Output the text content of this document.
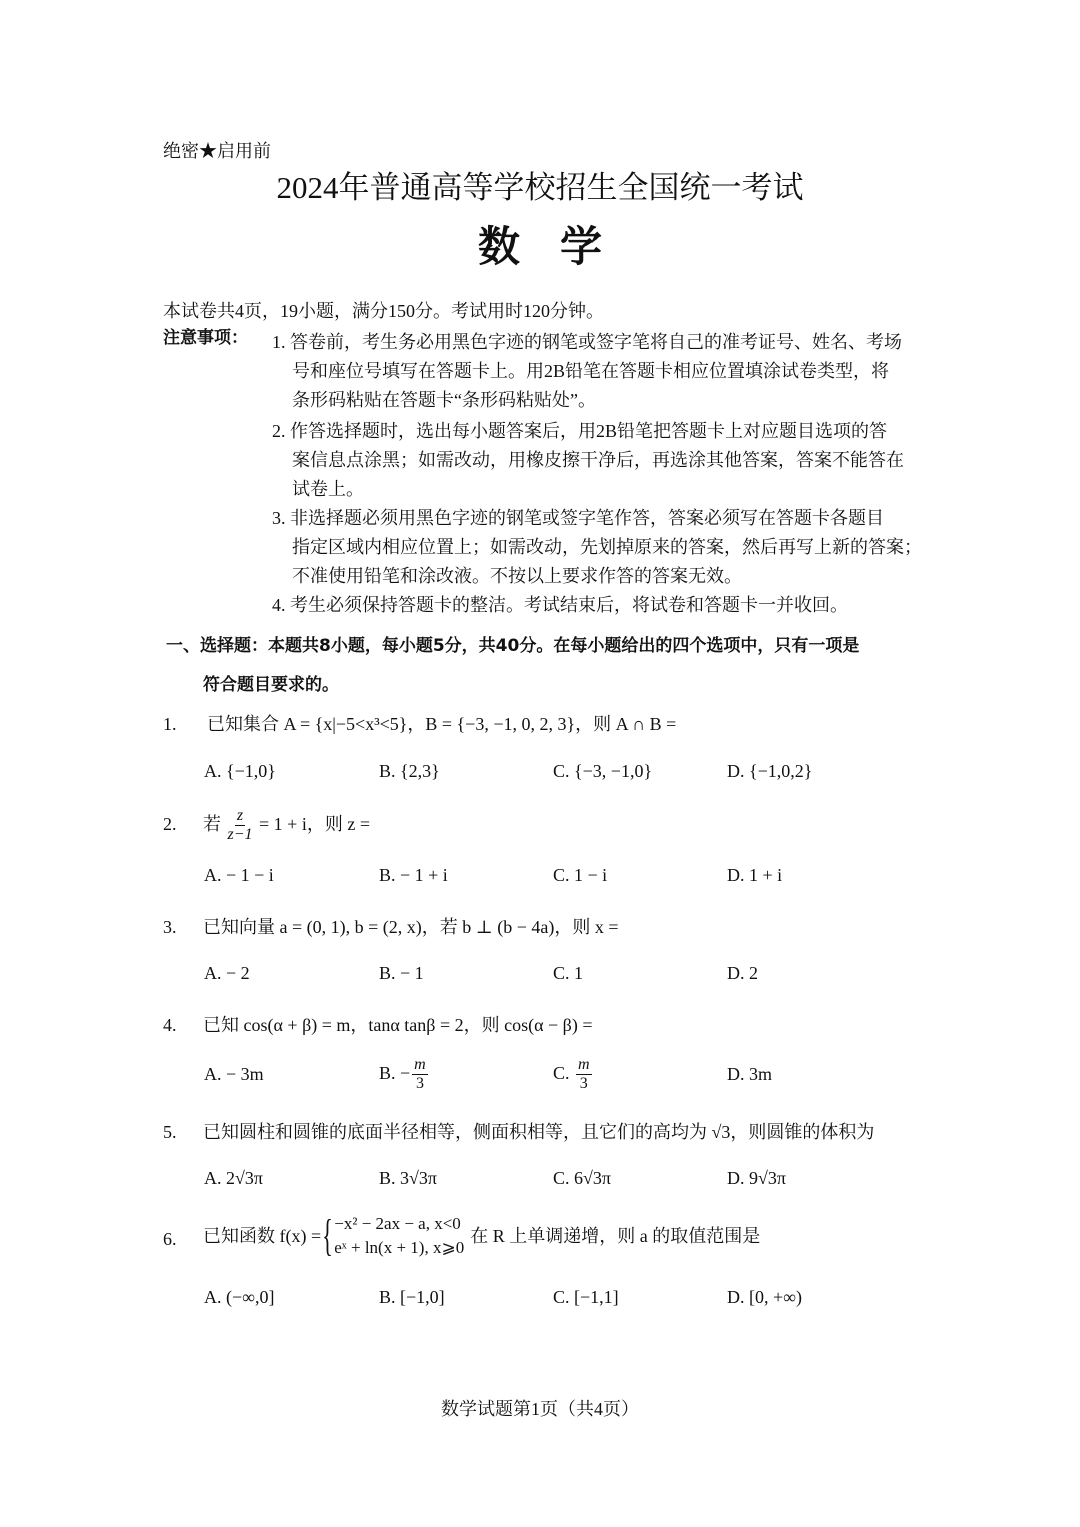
绝密★启用前
2024年普通高等学校招生全国统一考试
数学
本试卷共4页，19小题，满分150分。考试用时120分钟。
注意事项： 1. 答卷前，考生务必用黑色字迹的钢笔或签字笔将自己的准考证号、姓名、考场
号和座位号填写在答题卡上。用2B铅笔在答题卡相应位置填涂试卷类型，将
条形码粘贴在答题卡“条形码粘贴处”。
2. 作答选择题时，选出每小题答案后，用2B铅笔把答题卡上对应题目选项的答
案信息点涂黑；如需改动，用橡皮擦干净后，再选涂其他答案，答案不能答在
试卷上。
3. 非选择题必须用黑色字迹的钢笔或签字笔作答，答案必须写在答题卡各题目
指定区域内相应位置上；如需改动，先划掉原来的答案，然后再写上新的答案；
不准使用铅笔和涂改液。不按以上要求作答的答案无效。
4. 考生必须保持答题卡的整洁。考试结束后，将试卷和答题卡一并收回。
一、选择题：本题共8小题，每小题5分，共40分。在每小题给出的四个选项中，只有一项是
符合题目要求的。
1. 已知集合 A = {x|−5<x³<5}，B = {−3, −1, 0, 2, 3}，则 A ∩ B =
A. {−1,0}	B. {2,3}	C. {−3, −1,0}	D. {−1,0,2}
2. 若 $\frac{z}{z-1} = 1 + i$，则 z =
A. − 1 − i	B. − 1 + i	C. 1 − i	D. 1 + i
3. 已知向量 a = (0, 1), b = (2, x)，若 b ⊥ (b − 4a)，则 x =
A. − 2	B. − 1	C. 1	D. 2
4. 已知 cos(α + β) = m，tanα tanβ = 2，则 cos(α − β) =
A. − 3m	B. − $\frac{m}{3}$	C. $\frac{m}{3}$	D. 3m
5. 已知圆柱和圆锥的底面半径相等，侧面积相等，且它们的高均为 √3，则圆锥的体积为
A. 2√3π	B. 3√3π	C. 6√3π	D. 9√3π
6. 已知函数 f(x) = { −x² − 2ax − a, x<0
eˣ + ln(x + 1), x⩾0
在 R 上单调递增，则 a 的取值范围是
A. (−∞,0]	B. [−1,0]	C. [−1,1]	D. [0, +∞)
数学试题第1页（共4页）
